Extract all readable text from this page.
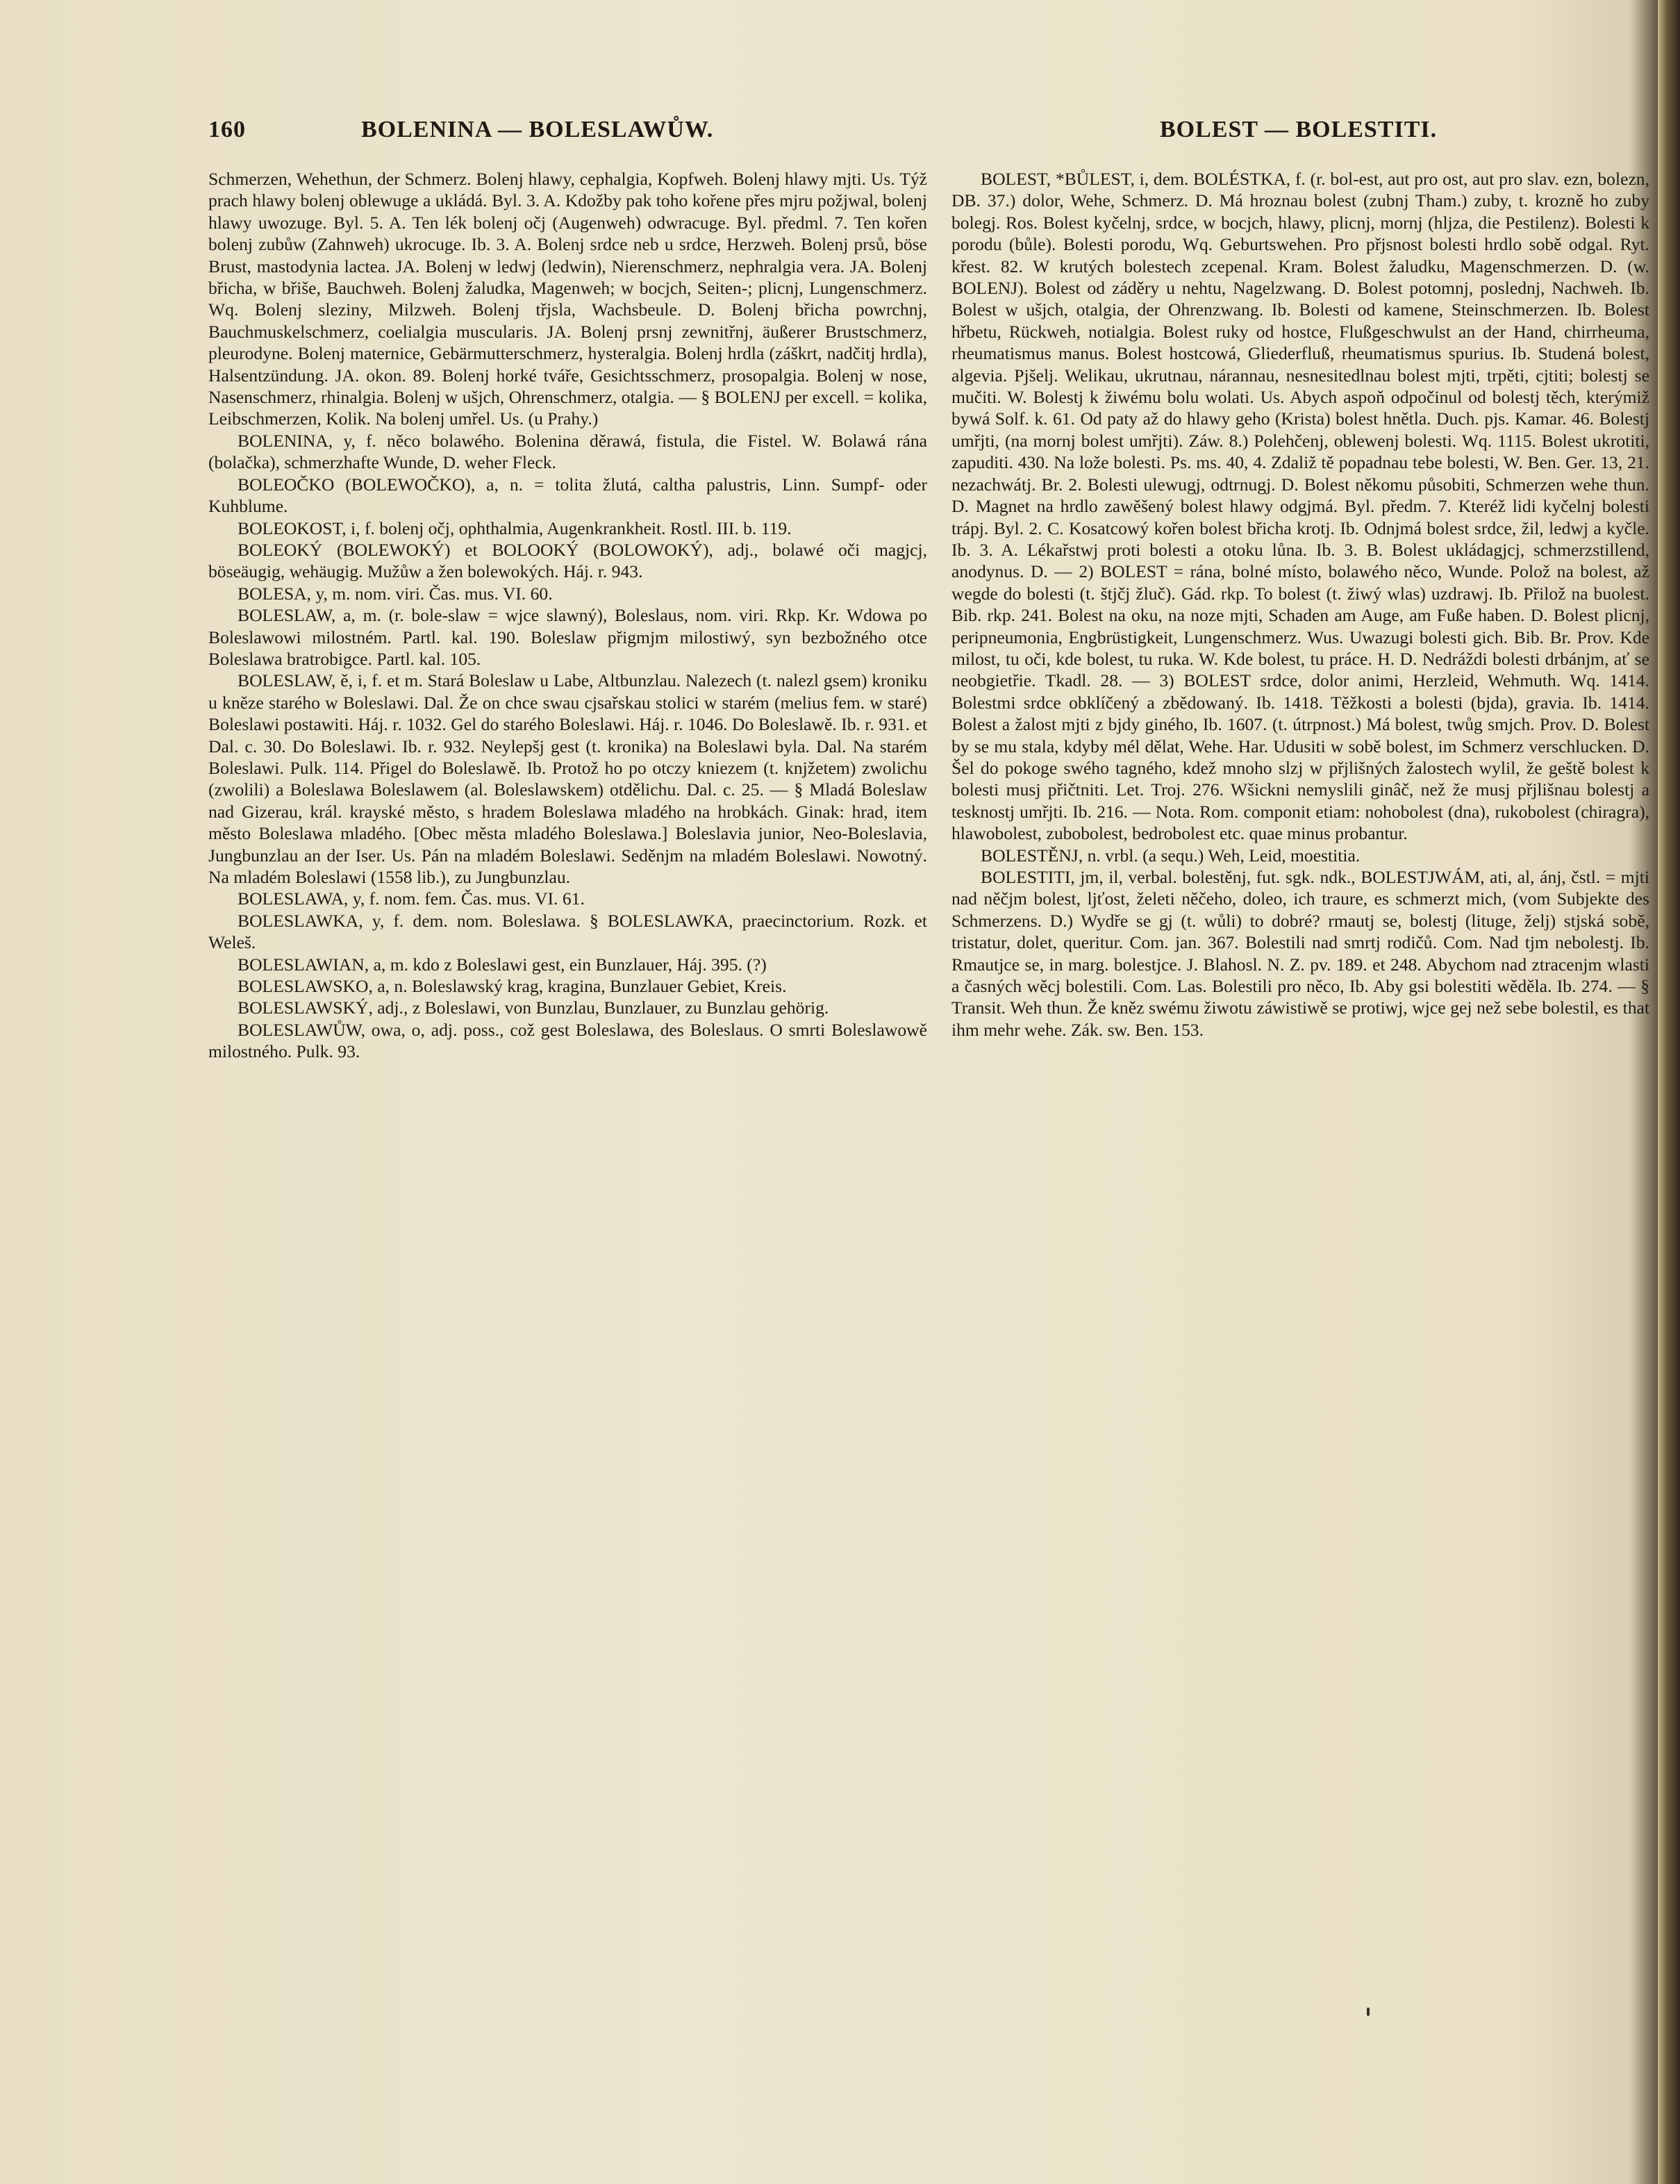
160	BOLENINA — BOLESLAWŮW.	BOLEST — BOLESTITI.

Schmerzen, Wehethun, der Schmerz. Bolenj hlawy, cephalgia, Kopfweh. Bolenj hlawy mjti. Us. Týž prach hlawy bolenj oblewuge a ukládá. Byl. 3. A. Kdožby pak toho kořene přes mjru požjwal, bolenj hlawy uwozuge. Byl. 5. A. Ten lék bolenj očj (Augenweh) odwracuge. Byl. předml. 7. Ten kořen bolenj zubůw (Zahnweh) ukrocuge. Ib. 3. A. Bolenj srdce neb u srdce, Herzweh. Bolenj prsů, böse Brust, mastodynia lactea. JA. Bolenj w ledwj (ledwin), Nierenschmerz, nephralgia vera. JA. Bolenj břicha, w břiše, Bauchweh. Bolenj žaludka, Magenweh; w bocjch, Seiten-; plicnj, Lungenschmerz. Wq. Bolenj sleziny, Milzweh. Bolenj třjsla, Wachsbeule. D. Bolenj břicha powrchnj, Bauchmuskelschmerz, coelialgia muscularis. JA. Bolenj prsnj zewnitřnj, äußerer Brustschmerz, pleurodyne. Bolenj maternice, Gebärmutterschmerz, hysteralgia. Bolenj hrdla (záškrt, nadčitj hrdla), Halsentzündung. JA. okon. 89. Bolenj horké tváře, Gesichtsschmerz, prosopalgia. Bolenj w nose, Nasenschmerz, rhinalgia. Bolenj w ušjch, Ohrenschmerz, otalgia. — § BOLENJ per excell. = kolika, Leibschmerzen, Kolik. Na bolenj umřel. Us. (u Prahy.)

BOLENINA, y, f. něco bolawého. Bolenina děrawá, fistula, die Fistel. W. Bolawá rána (bolačka), schmerzhafte Wunde, D. weher Fleck.

BOLEOČKO (BOLEWOČKO), a, n. = tolita žlutá, caltha palustris, Linn. Sumpf- oder Kuhblume.

BOLEOKOST, i, f. bolenj očj, ophthalmia, Augenkrankheit. Rostl. III. b. 119.

BOLEOKÝ (BOLEWOKÝ) et BOLOOKÝ (BOLOWOKÝ), adj., bolawé oči magjcj, böseäugig, wehäugig. Mužůw a žen bolewokých. Háj. r. 943.

BOLESA, y, m. nom. viri. Čas. mus. VI. 60.

BOLESLAW, a, m. (r. bole-slaw = wjce slawný), Boleslaus, nom. viri. Rkp. Kr. Wdowa po Boleslawowi milostném. Partl. kal. 190. Boleslaw přigmjm milostiwý, syn bezbožného otce Boleslawa bratrobigce. Partl. kal. 105.

BOLESLAW, ě, i, f. et m. Stará Boleslaw u Labe, Altbunzlau. Nalezech (t. nalezl gsem) kroniku u kněze starého w Boleslawi. Dal. Že on chce swau cjsařskau stolici w starém (melius fem. w staré) Boleslawi postawiti. Háj. r. 1032. Gel do starého Boleslawi. Háj. r. 1046. Do Boleslawě. Ib. r. 931. et Dal. c. 30. Do Boleslawi. Ib. r. 932. Neylepšj gest (t. kronika) na Boleslawi byla. Dal. Na starém Boleslawi. Pulk. 114. Přigel do Boleslawě. Ib. Protož ho po otczy kniezem (t. knjžetem) zwolichu (zwolili) a Boleslawa Boleslawem (al. Boleslawskem) otdělichu. Dal. c. 25. — § Mladá Boleslaw nad Gizerau, král. krayské město, s hradem Boleslawa mladého na hrobkách. Ginak: hrad, item město Boleslawa mladého. [Obec města mladého Boleslawa.] Boleslavia junior, Neo-Boleslavia, Jungbunzlau an der Iser. Us. Pán na mladém Boleslawi. Seděnjm na mladém Boleslawi. Nowotný. Na mladém Boleslawi (1558 lib.), zu Jungbunzlau.

BOLESLAWA, y, f. nom. fem. Čas. mus. VI. 61.

BOLESLAWKA, y, f. dem. nom. Boleslawa. § BOLESLAWKA, praecinctorium. Rozk. et Weleš.

BOLESLAWIAN, a, m. kdo z Boleslawi gest, ein Bunzlauer, Háj. 395. (?)

BOLESLAWSKO, a, n. Boleslawský krag, kragina, Bunzlauer Gebiet, Kreis.

BOLESLAWSKÝ, adj., z Boleslawi, von Bunzlau, Bunzlauer, zu Bunzlau gehörig.

BOLESLAWŮW, owa, o, adj. poss., což gest Boleslawa, des Boleslaus. O smrti Boleslawowě milostného. Pulk. 93.

BOLEST, *BŮLEST, i, dem. BOLÉSTKA, f. (r. bol-est, aut pro ost, aut pro slav. ezn, bolezn, DB. 37.) dolor, Wehe, Schmerz. D. Má hroznau bolest (zubnj Tham.) zuby, t. krozně ho zuby bolegj. Ros. Bolest kyčelnj, srdce, w bocjch, hlawy, plicnj, mornj (hljza, die Pestilenz). Bolesti k porodu (bůle). Bolesti porodu, Wq. Geburtswehen. Pro přjsnost bolesti hrdlo sobě odgal. Ryt. křest. 82. W krutých bolestech zcepenal. Kram. Bolest žaludku, Magenschmerzen. D. (w. BOLENJ). Bolest od záděry u nehtu, Nagelzwang. D. Bolest potomnj, poslednj, Nachweh. Ib. Bolest w ušjch, otalgia, der Ohrenzwang. Ib. Bolesti od kamene, Steinschmerzen. Ib. Bolest hřbetu, Rückweh, notialgia. Bolest ruky od hostce, Flußgeschwulst an der Hand, chirrheuma, rheumatismus manus. Bolest hostcowá, Gliederfluß, rheumatismus spurius. Ib. Studená bolest, algevia. Pjšelj. Welikau, ukrutnau, nárannau, nesnesitedlnau bolest mjti, trpěti, cjtiti; bolestj se mučiti. W. Bolestj k žiwému bolu wolati. Us. Abych aspoň odpočinul od bolestj těch, kterýmiž bywá Solf. k. 61. Od paty až do hlawy geho (Krista) bolest hnětla. Duch. pjs. Kamar. 46. Bolestj umřjti, (na mornj bolest umřjti). Záw. 8.) Polehčenj, oblewenj bolesti. Wq. 1115. Bolest ukrotiti, zapuditi. 430. Na lože bolesti. Ps. ms. 40, 4. Zdaliž tě popadnau tebe bolesti, W. Ben. Ger. 13, 21. nezachwátj. Br. 2. Bolesti ulewugj, odtrnugj. D. Bolest někomu působiti, Schmerzen wehe thun. D. Magnet na hrdlo zawěšený bolest hlawy odgjmá. Byl. předm. 7. Kteréž lidi kyčelnj bolesti trápj. Byl. 2. C. Kosatcowý kořen bolest břicha krotj. Ib. Odnjmá bolest srdce, žil, ledwj a kyčle. Ib. 3. A. Lékařstwj proti bolesti a otoku lůna. Ib. 3. B. Bolest ukládagjcj, schmerzstillend, anodynus. D. — 2) BOLEST = rána, bolné místo, bolawého něco, Wunde. Polož na bolest, až wegde do bolesti (t. štjčj žluč). Gád. rkp. To bolest (t. žiwý wlas) uzdrawj. Ib. Přilož na buolest. Bib. rkp. 241. Bolest na oku, na noze mjti, Schaden am Auge, am Fuße haben. D. Bolest plicnj, peripneumonia, Engbrüstigkeit, Lungenschmerz. Wus. Uwazugi bolesti gich. Bib. Br. Prov. Kde milost, tu oči, kde bolest, tu ruka. W. Kde bolest, tu práce. H. D. Nedráždi bolesti drbánjm, ať se neobgietřie. Tkadl. 28. — 3) BOLEST srdce, dolor animi, Herzleid, Wehmuth. Wq. 1414. Bolestmi srdce obklíčený a zbědowaný. Ib. 1418. Těžkosti a bolesti (bjda), gravia. Ib. 1414. Bolest a žalost mjti z bjdy giného, Ib. 1607. (t. útrpnost.) Má bolest, twůg smjch. Prov. D. Bolest by se mu stala, kdyby mél dělat, Wehe. Har. Udusiti w sobě bolest, im Schmerz verschlucken. D. Šel do pokoge swého tagného, kdež mnoho slzj w přjlišných žalostech wylil, že geště bolest k bolesti musj přičtniti. Let. Troj. 276. Wšickni nemyslili ginâč, než že musj přjlišnau bolestj a tesknostj umřjti. Ib. 216. — Nota. Rom. componit etiam: nohobolest (dna), rukobolest (chiragra), hlawobolest, zubobolest, bedrobolest etc. quae minus probantur.

BOLESTĚNJ, n. vrbl. (a sequ.) Weh, Leid, moestitia.

BOLESTITI, jm, il, verbal. bolestěnj, fut. sgk. ndk., BOLESTJWÁM, ati, al, ánj, čstl. = mjti nad něčjm bolest, ljťost, želeti něčeho, doleo, ich traure, es schmerzt mich, (vom Subjekte des Schmerzens. D.) Wydře se gj (t. wůli) to dobré? rmautj se, bolestj (lituge, želj) stjská sobě, tristatur, dolet, queritur. Com. jan. 367. Bolestili nad smrtj rodičů. Com. Nad tjm nebolestj. Ib. Rmautjce se, in marg. bolestjce. J. Blahosl. N. Z. pv. 189. et 248. Abychom nad ztracenjm wlasti a časných wěcj bolestili. Com. Las. Bolestili pro něco, Ib. Aby gsi bolestiti wěděla. Ib. 274. — § Transit. Weh thun. Že kněz swému žiwotu záwistiwě se protiwj, wjce gej než sebe bolestil, es that ihm mehr wehe. Zák. sw. Ben. 153.
